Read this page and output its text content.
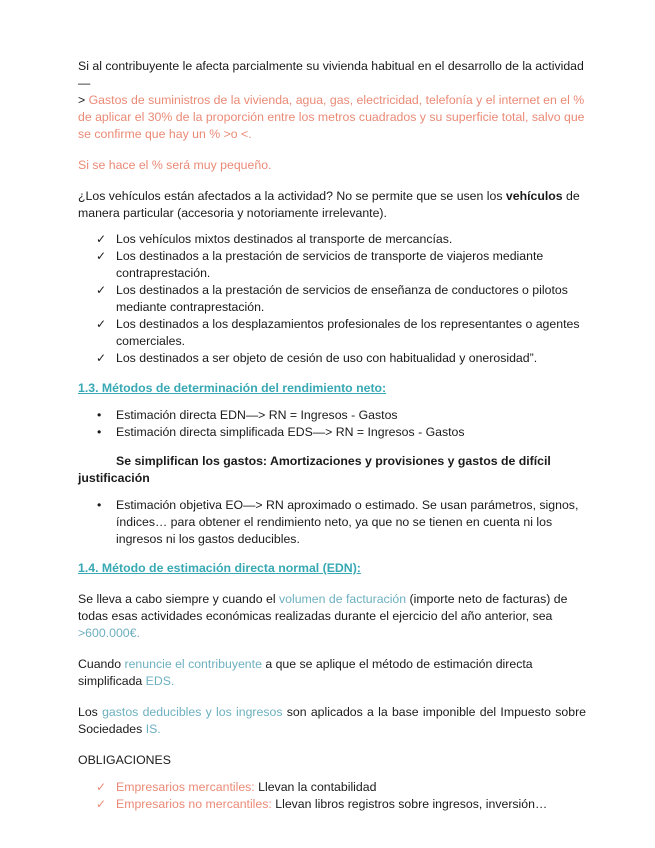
Si al contribuyente le afecta parcialmente su vivienda habitual en el desarrollo de la actividad—
> Gastos de suministros de la vivienda, agua, gas, electricidad, telefonía y el internet en el % de aplicar el 30% de la proporción entre los metros cuadrados y su superficie total, salvo que se confirme que hay un % >o <.

Si se hace el % será muy pequeño.

¿Los vehículos están afectados a la actividad? No se permite que se usen los vehículos de manera particular (accesoria y notoriamente irrelevante).

✓ Los vehículos mixtos destinados al transporte de mercancías.
✓ Los destinados a la prestación de servicios de transporte de viajeros mediante contraprestación.
✓ Los destinados a la prestación de servicios de enseñanza de conductores o pilotos mediante contraprestación.
✓ Los destinados a los desplazamientos profesionales de los representantes o agentes comerciales.
✓ Los destinados a ser objeto de cesión de uso con habitualidad y onerosidad”.

1.3. Métodos de determinación del rendimiento neto:

• Estimación directa EDN—> RN = Ingresos - Gastos
• Estimación directa simplificada EDS—> RN = Ingresos - Gastos

Se simplifican los gastos: Amortizaciones y provisiones y gastos de difícil justificación

• Estimación objetiva EO—> RN aproximado o estimado. Se usan parámetros, signos, índices… para obtener el rendimiento neto, ya que no se tienen en cuenta ni los ingresos ni los gastos deducibles.

1.4. Método de estimación directa normal (EDN):

Se lleva a cabo siempre y cuando el volumen de facturación (importe neto de facturas) de todas esas actividades económicas realizadas durante el ejercicio del año anterior, sea >600.000€.

Cuando renuncie el contribuyente a que se aplique el método de estimación directa simplificada EDS.

Los gastos deducibles y los ingresos son aplicados a la base imponible del Impuesto sobre Sociedades IS.

OBLIGACIONES

✓ Empresarios mercantiles: Llevan la contabilidad
✓ Empresarios no mercantiles: Llevan libros registros sobre ingresos, inversión…
